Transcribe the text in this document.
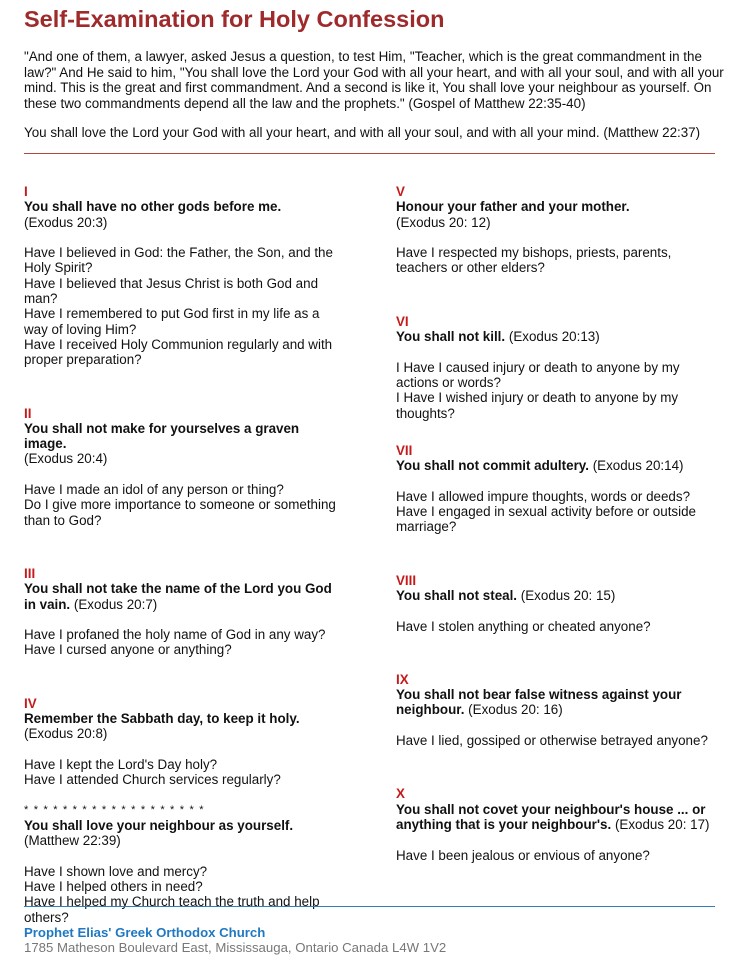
Self-Examination for Holy Confession

"And one of them, a lawyer, asked Jesus a question, to test Him, "Teacher, which is the great commandment in the law?" And He said to him, "You shall love the Lord your God with all your heart, and with all your soul, and with all your mind. This is the great and first commandment. And a second is like it, You shall love your neighbour as yourself. On these two commandments depend all the law and the prophets." (Gospel of Matthew 22:35-40)

You shall love the Lord your God with all your heart, and with all your soul, and with all your mind. (Matthew 22:37)

I
You shall have no other gods before me.
(Exodus 20:3)
Have I believed in God: the Father, the Son, and the Holy Spirit?
Have I believed that Jesus Christ is both God and man?
Have I remembered to put God first in my life as a way of loving Him?
Have I received Holy Communion regularly and with proper preparation?
II
You shall not make for yourselves a graven image.
(Exodus 20:4)
Have I made an idol of any person or thing?
Do I give more importance to someone or something than to God?
III
You shall not take the name of the Lord you God in vain. (Exodus 20:7)
Have I profaned the holy name of God in any way?
Have I cursed anyone or anything?
IV
Remember the Sabbath day, to keep it holy.
(Exodus 20:8)
Have I kept the Lord's Day holy?
Have I attended Church services regularly?
* * * * * * * * * * * * * * * * * * *
You shall love your neighbour as yourself.
(Matthew 22:39)
Have I shown love and mercy?
Have I helped others in need?
Have I helped my Church teach the truth and help others?
V
Honour your father and your mother.
(Exodus 20: 12)
Have I respected my bishops, priests, parents, teachers or other elders?
VI
You shall not kill. (Exodus 20:13)
I Have I caused injury or death to anyone by my actions or words?
I Have I wished injury or death to anyone by my thoughts?
VII
You shall not commit adultery. (Exodus 20:14)
Have I allowed impure thoughts, words or deeds?
Have I engaged in sexual activity before or outside marriage?
VIII
You shall not steal. (Exodus 20: 15)
Have I stolen anything or cheated anyone?
IX
You shall not bear false witness against your neighbour. (Exodus 20: 16)
Have I lied, gossiped or otherwise betrayed anyone?
X
You shall not covet your neighbour's house ... or anything that is your neighbour's. (Exodus 20: 17)
Have I been jealous or envious of anyone?
Prophet Elias' Greek Orthodox Church
1785 Matheson Boulevard East, Mississauga, Ontario Canada L4W 1V2
